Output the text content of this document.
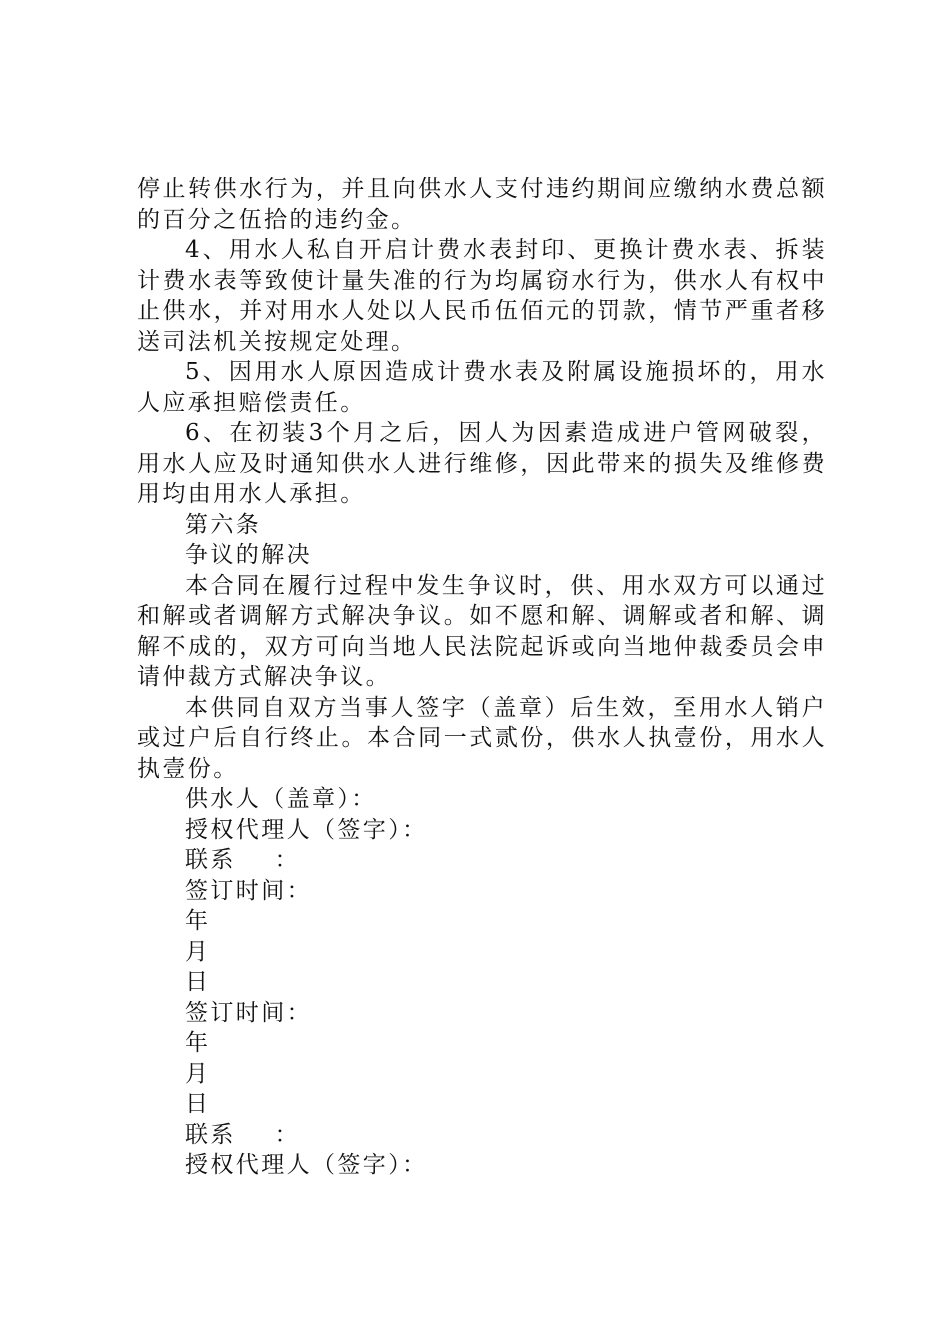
停止转供水行为，并且向供水人支付违约期间应缴纳水费总额的百分之伍拾的违约金。

4、用水人私自开启计费水表封印、更换计费水表、拆装计费水表等致使计量失准的行为均属窃水行为，供水人有权中止供水，并对用水人处以人民币伍佰元的罚款，情节严重者移送司法机关按规定处理。

5、因用水人原因造成计费水表及附属设施损坏的，用水人应承担赔偿责任。

6、在初装3个月之后，因人为因素造成进户管网破裂，用水人应及时通知供水人进行维修，因此带来的损失及维修费用均由用水人承担。

第六条

争议的解决

本合同在履行过程中发生争议时，供、用水双方可以通过和解或者调解方式解决争议。如不愿和解、调解或者和解、调解不成的，双方可向当地人民法院起诉或向当地仲裁委员会申请仲裁方式解决争议。

本供同自双方当事人签字（盖章）后生效，至用水人销户或过户后自行终止。本合同一式贰份，供水人执壹份，用水人执壹份。

供水人（盖章）：

授权代理人（签字）：

联系    ：

签订时间：

年

月

日

签订时间：

年

月

日

联系    ：

授权代理人（签字）：
